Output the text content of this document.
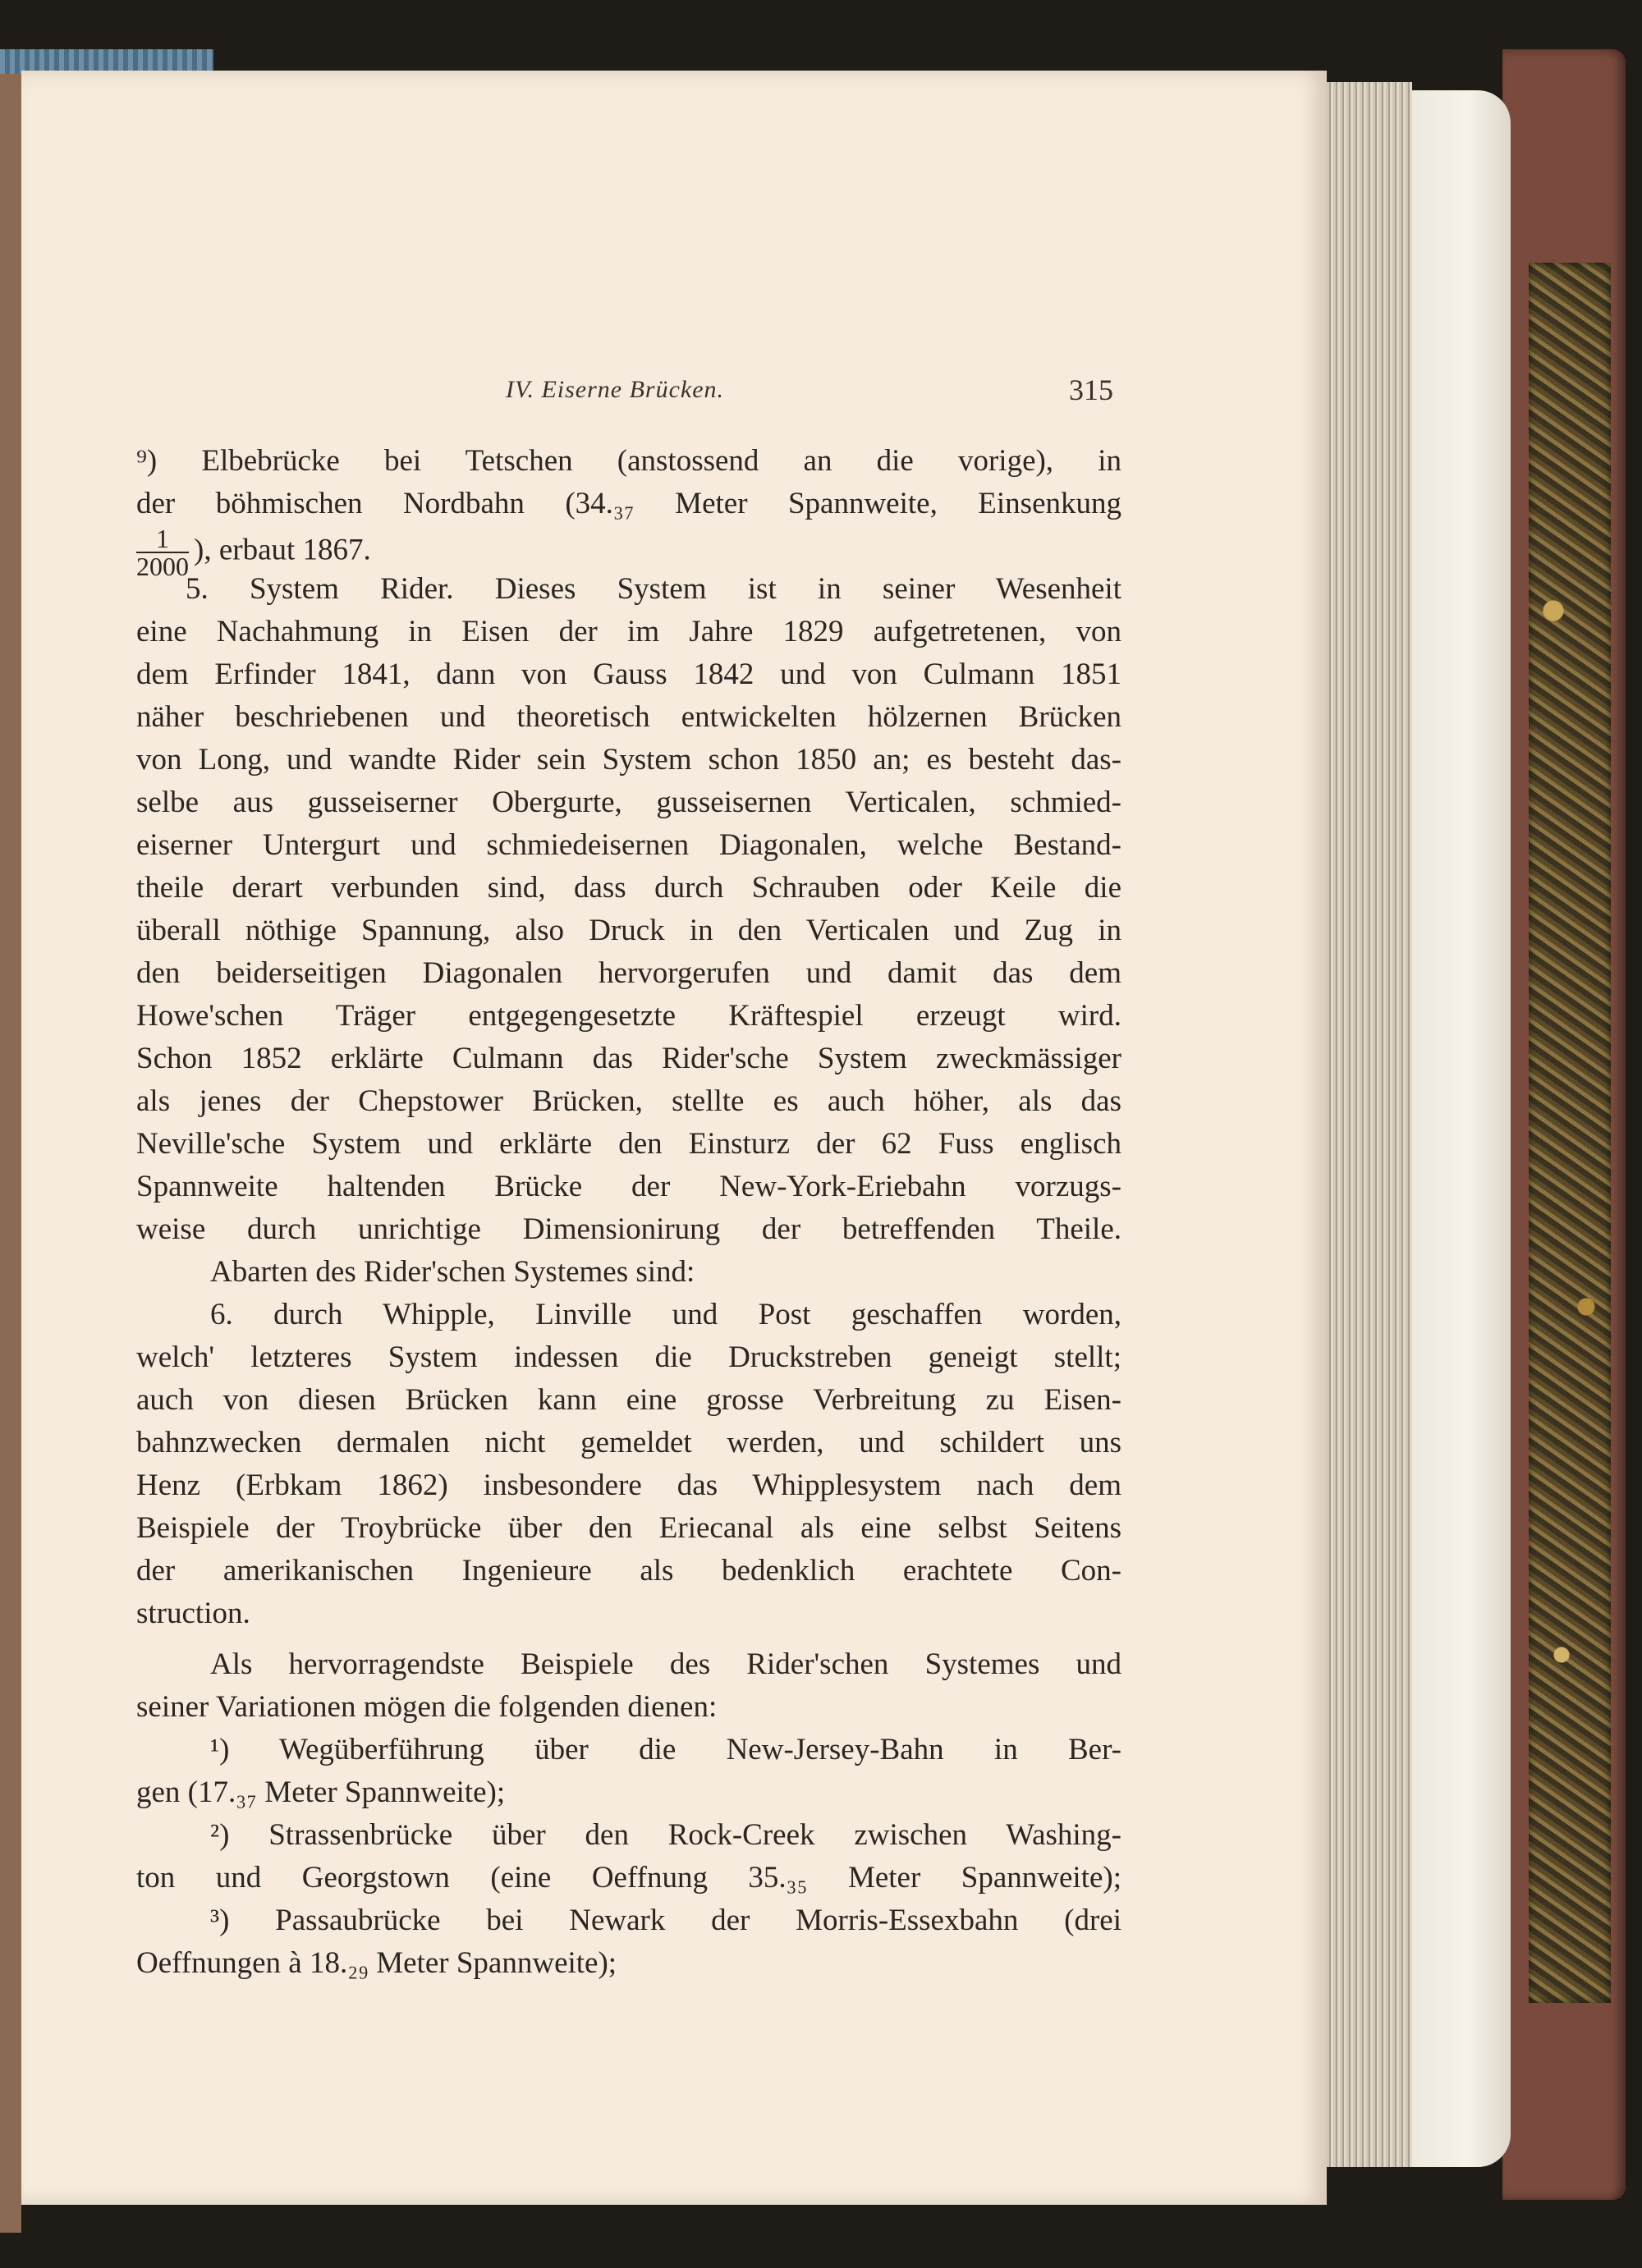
IV. Eiserne Brücken.	315
⁹) Elbebrücke bei Tetschen (anstossend an die vorige), in
der böhmischen Nordbahn (34.₃₇ Meter Spannweite, Einsenkung
$\frac{1}{2000}$ ), erbaut 1867.
5. System Rider. Dieses System ist in seiner Wesenheit
eine Nachahmung in Eisen der im Jahre 1829 aufgetretenen, von
dem Erfinder 1841, dann von Gauss 1842 und von Culmann 1851
näher beschriebenen und theoretisch entwickelten hölzernen Brücken
von Long, und wandte Rider sein System schon 1850 an; es besteht das-
selbe aus gusseiserner Obergurte, gusseisernen Verticalen, schmied-
eiserner Untergurt und schmiedeisernen Diagonalen, welche Bestand-
theile derart verbunden sind, dass durch Schrauben oder Keile die
überall nöthige Spannung, also Druck in den Verticalen und Zug in
den beiderseitigen Diagonalen hervorgerufen und damit das dem
Howe'schen Träger entgegengesetzte Kräftespiel erzeugt wird.
Schon 1852 erklärte Culmann das Rider'sche System zweckmässiger
als jenes der Chepstower Brücken, stellte es auch höher, als das
Neville'sche System und erklärte den Einsturz der 62 Fuss englisch
Spannweite haltenden Brücke der New-York-Eriebahn vorzugs-
weise durch unrichtige Dimensionirung der betreffenden Theile.
Abarten des Rider'schen Systemes sind:
6. durch Whipple, Linville und Post geschaffen worden,
welch' letzteres System indessen die Druckstreben geneigt stellt;
auch von diesen Brücken kann eine grosse Verbreitung zu Eisen-
bahnzwecken dermalen nicht gemeldet werden, und schildert uns
Henz (Erbkam 1862) insbesondere das Whipplesystem nach dem
Beispiele der Troybrücke über den Eriecanal als eine selbst Seitens
der amerikanischen Ingenieure als bedenklich erachtete Con-
struction.
Als hervorragendste Beispiele des Rider'schen Systemes und
seiner Variationen mögen die folgenden dienen:
¹) Wegüberführung über die New-Jersey-Bahn in Ber-
gen (17.₃₇ Meter Spannweite);
²) Strassenbrücke über den Rock-Creek zwischen Washing-
ton und Georgstown (eine Oeffnung 35.₃₅ Meter Spannweite);
³) Passaubrücke bei Newark der Morris-Essexbahn (drei
Oeffnungen à 18.₂₉ Meter Spannweite);
